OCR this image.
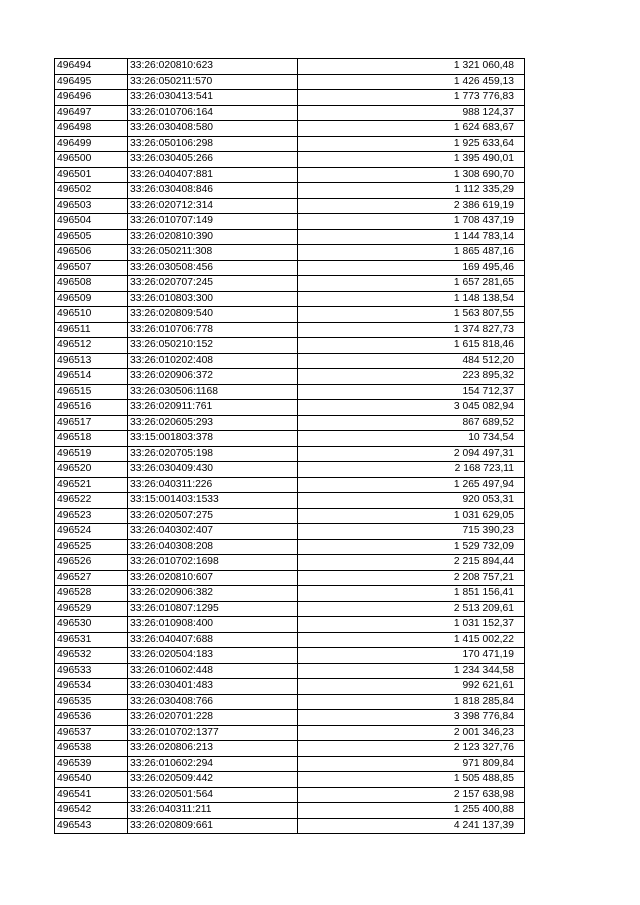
496494	33:26:020810:623	1 321 060,48
496495	33:26:050211:570	1 426 459,13
496496	33:26:030413:541	1 773 776,83
496497	33:26:010706:164	988 124,37
496498	33:26:030408:580	1 624 683,67
496499	33:26:050106:298	1 925 633,64
496500	33:26:030405:266	1 395 490,01
496501	33:26:040407:881	1 308 690,70
496502	33:26:030408:846	1 112 335,29
496503	33:26:020712:314	2 386 619,19
496504	33:26:010707:149	1 708 437,19
496505	33:26:020810:390	1 144 783,14
496506	33:26:050211:308	1 865 487,16
496507	33:26:030508:456	169 495,46
496508	33:26:020707:245	1 657 281,65
496509	33:26:010803:300	1 148 138,54
496510	33:26:020809:540	1 563 807,55
496511	33:26:010706:778	1 374 827,73
496512	33:26:050210:152	1 615 818,46
496513	33:26:010202:408	484 512,20
496514	33:26:020906:372	223 895,32
496515	33:26:030506:1168	154 712,37
496516	33:26:020911:761	3 045 082,94
496517	33:26:020605:293	867 689,52
496518	33:15:001803:378	10 734,54
496519	33:26:020705:198	2 094 497,31
496520	33:26:030409:430	2 168 723,11
496521	33:26:040311:226	1 265 497,94
496522	33:15:001403:1533	920 053,31
496523	33:26:020507:275	1 031 629,05
496524	33:26:040302:407	715 390,23
496525	33:26:040308:208	1 529 732,09
496526	33:26:010702:1698	2 215 894,44
496527	33:26:020810:607	2 208 757,21
496528	33:26:020906:382	1 851 156,41
496529	33:26:010807:1295	2 513 209,61
496530	33:26:010908:400	1 031 152,37
496531	33:26:040407:688	1 415 002,22
496532	33:26:020504:183	170 471,19
496533	33:26:010602:448	1 234 344,58
496534	33:26:030401:483	992 621,61
496535	33:26:030408:766	1 818 285,84
496536	33:26:020701:228	3 398 776,84
496537	33:26:010702:1377	2 001 346,23
496538	33:26:020806:213	2 123 327,76
496539	33:26:010602:294	971 809,84
496540	33:26:020509:442	1 505 488,85
496541	33:26:020501:564	2 157 638,98
496542	33:26:040311:211	1 255 400,88
496543	33:26:020809:661	4 241 137,39
